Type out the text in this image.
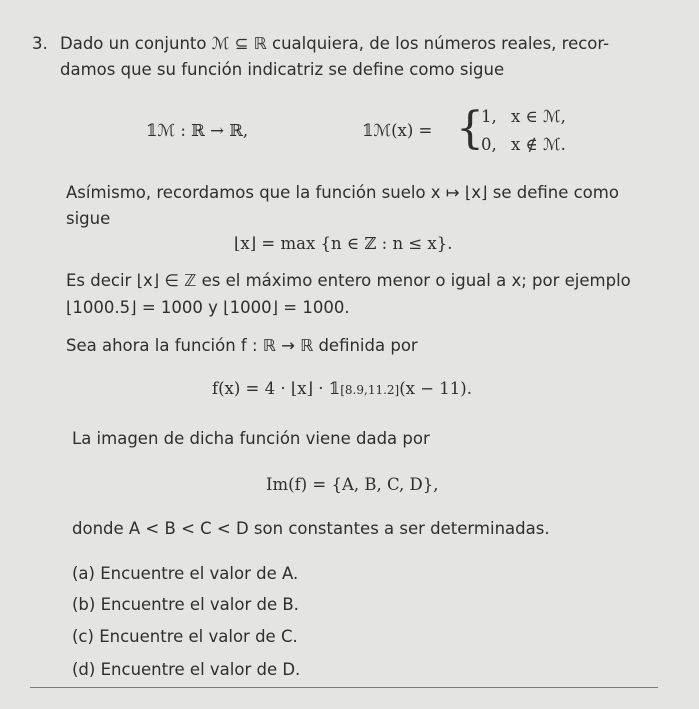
3. Dado un conjunto ℳ ⊆ ℝ cualquiera, de los números reales, recor-
damos que su función indicatriz se define como sigue
𝟙ℳ : ℝ → ℝ,	𝟙ℳ(x) = {
1, x ∈ ℳ,
0, x ∉ ℳ.
Asímismo, recordamos que la función suelo x ↦ ⌊x⌋ se define como
sigue
⌊x⌋ = max {n ∈ ℤ : n ≤ x}.
Es decir ⌊x⌋ ∈ ℤ es el máximo entero menor o igual a x; por ejemplo
⌊1000.5⌋ = 1000 y ⌊1000⌋ = 1000.
Sea ahora la función f : ℝ → ℝ definida por
f(x) = 4 · ⌊x⌋ · 𝟙[8.9,11.2](x − 11).
La imagen de dicha función viene dada por
Im(f) = {A, B, C, D},
donde A < B < C < D son constantes a ser determinadas.
(a) Encuentre el valor de A.
(b) Encuentre el valor de B.
(c) Encuentre el valor de C.
(d) Encuentre el valor de D.
